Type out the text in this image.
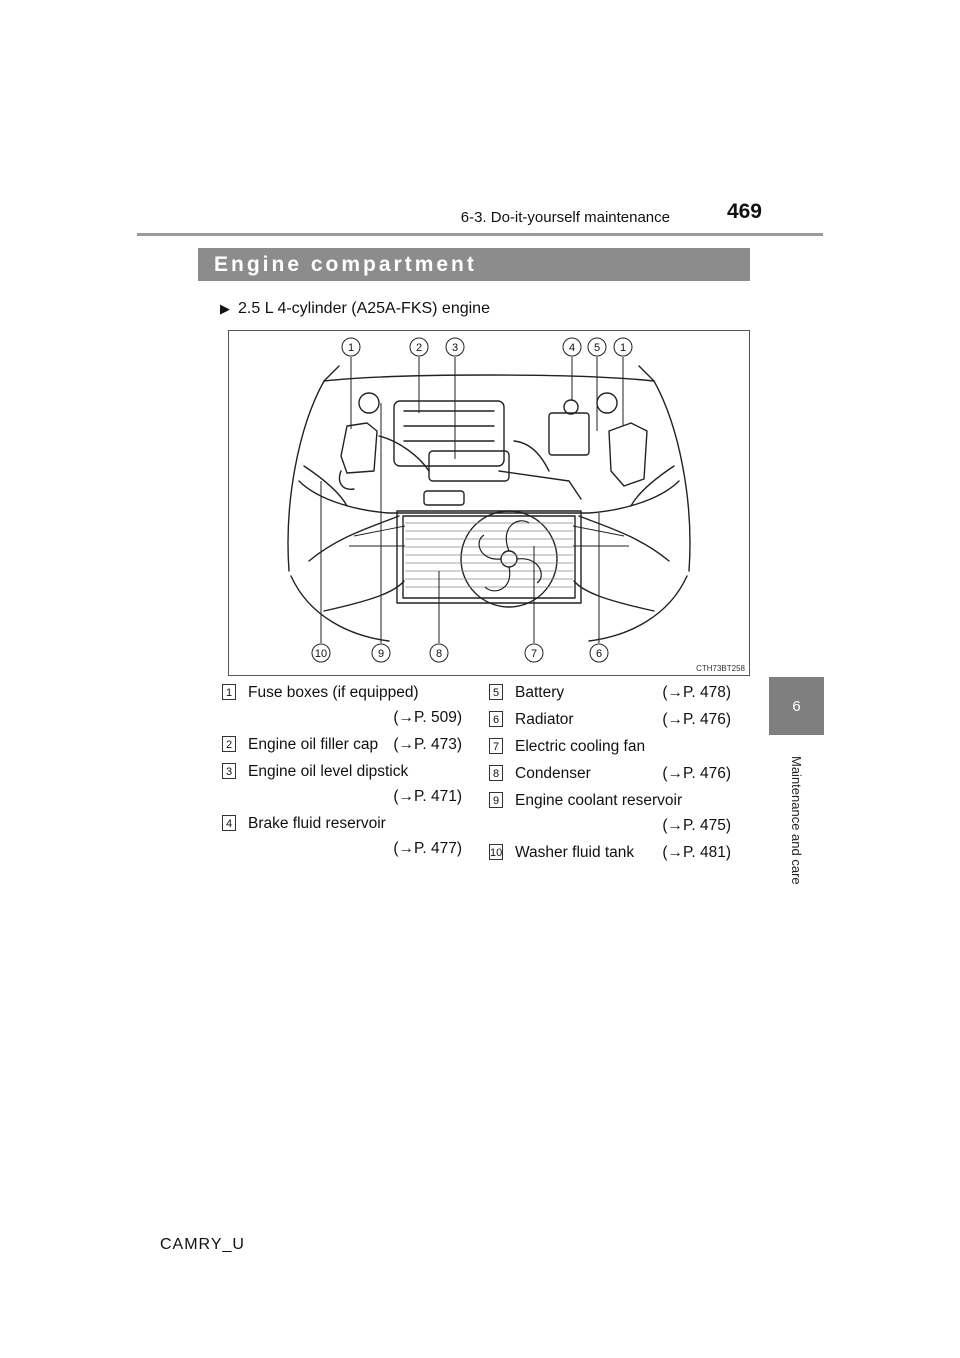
6-3. Do-it-yourself maintenance	469
6
Maintenance and care
Engine compartment
▶ 2.5 L 4-cylinder (A25A-FKS) engine
1	2	3	4 5 1
10	9	8	7	6
CTH73BT258
1 Fuse boxes (if equipped)
(→P. 509)
2 Engine oil filler cap (→P. 473)
3 Engine oil level dipstick
(→P. 471)
4 Brake fluid reservoir
(→P. 477)
5 Battery	(→P. 478)
6 Radiator	(→P. 476)
7 Electric cooling fan
8 Condenser	(→P. 476)
9 Engine coolant reservoir
(→P. 475)
10 Washer fluid tank (→P. 481)
CAMRY_U
